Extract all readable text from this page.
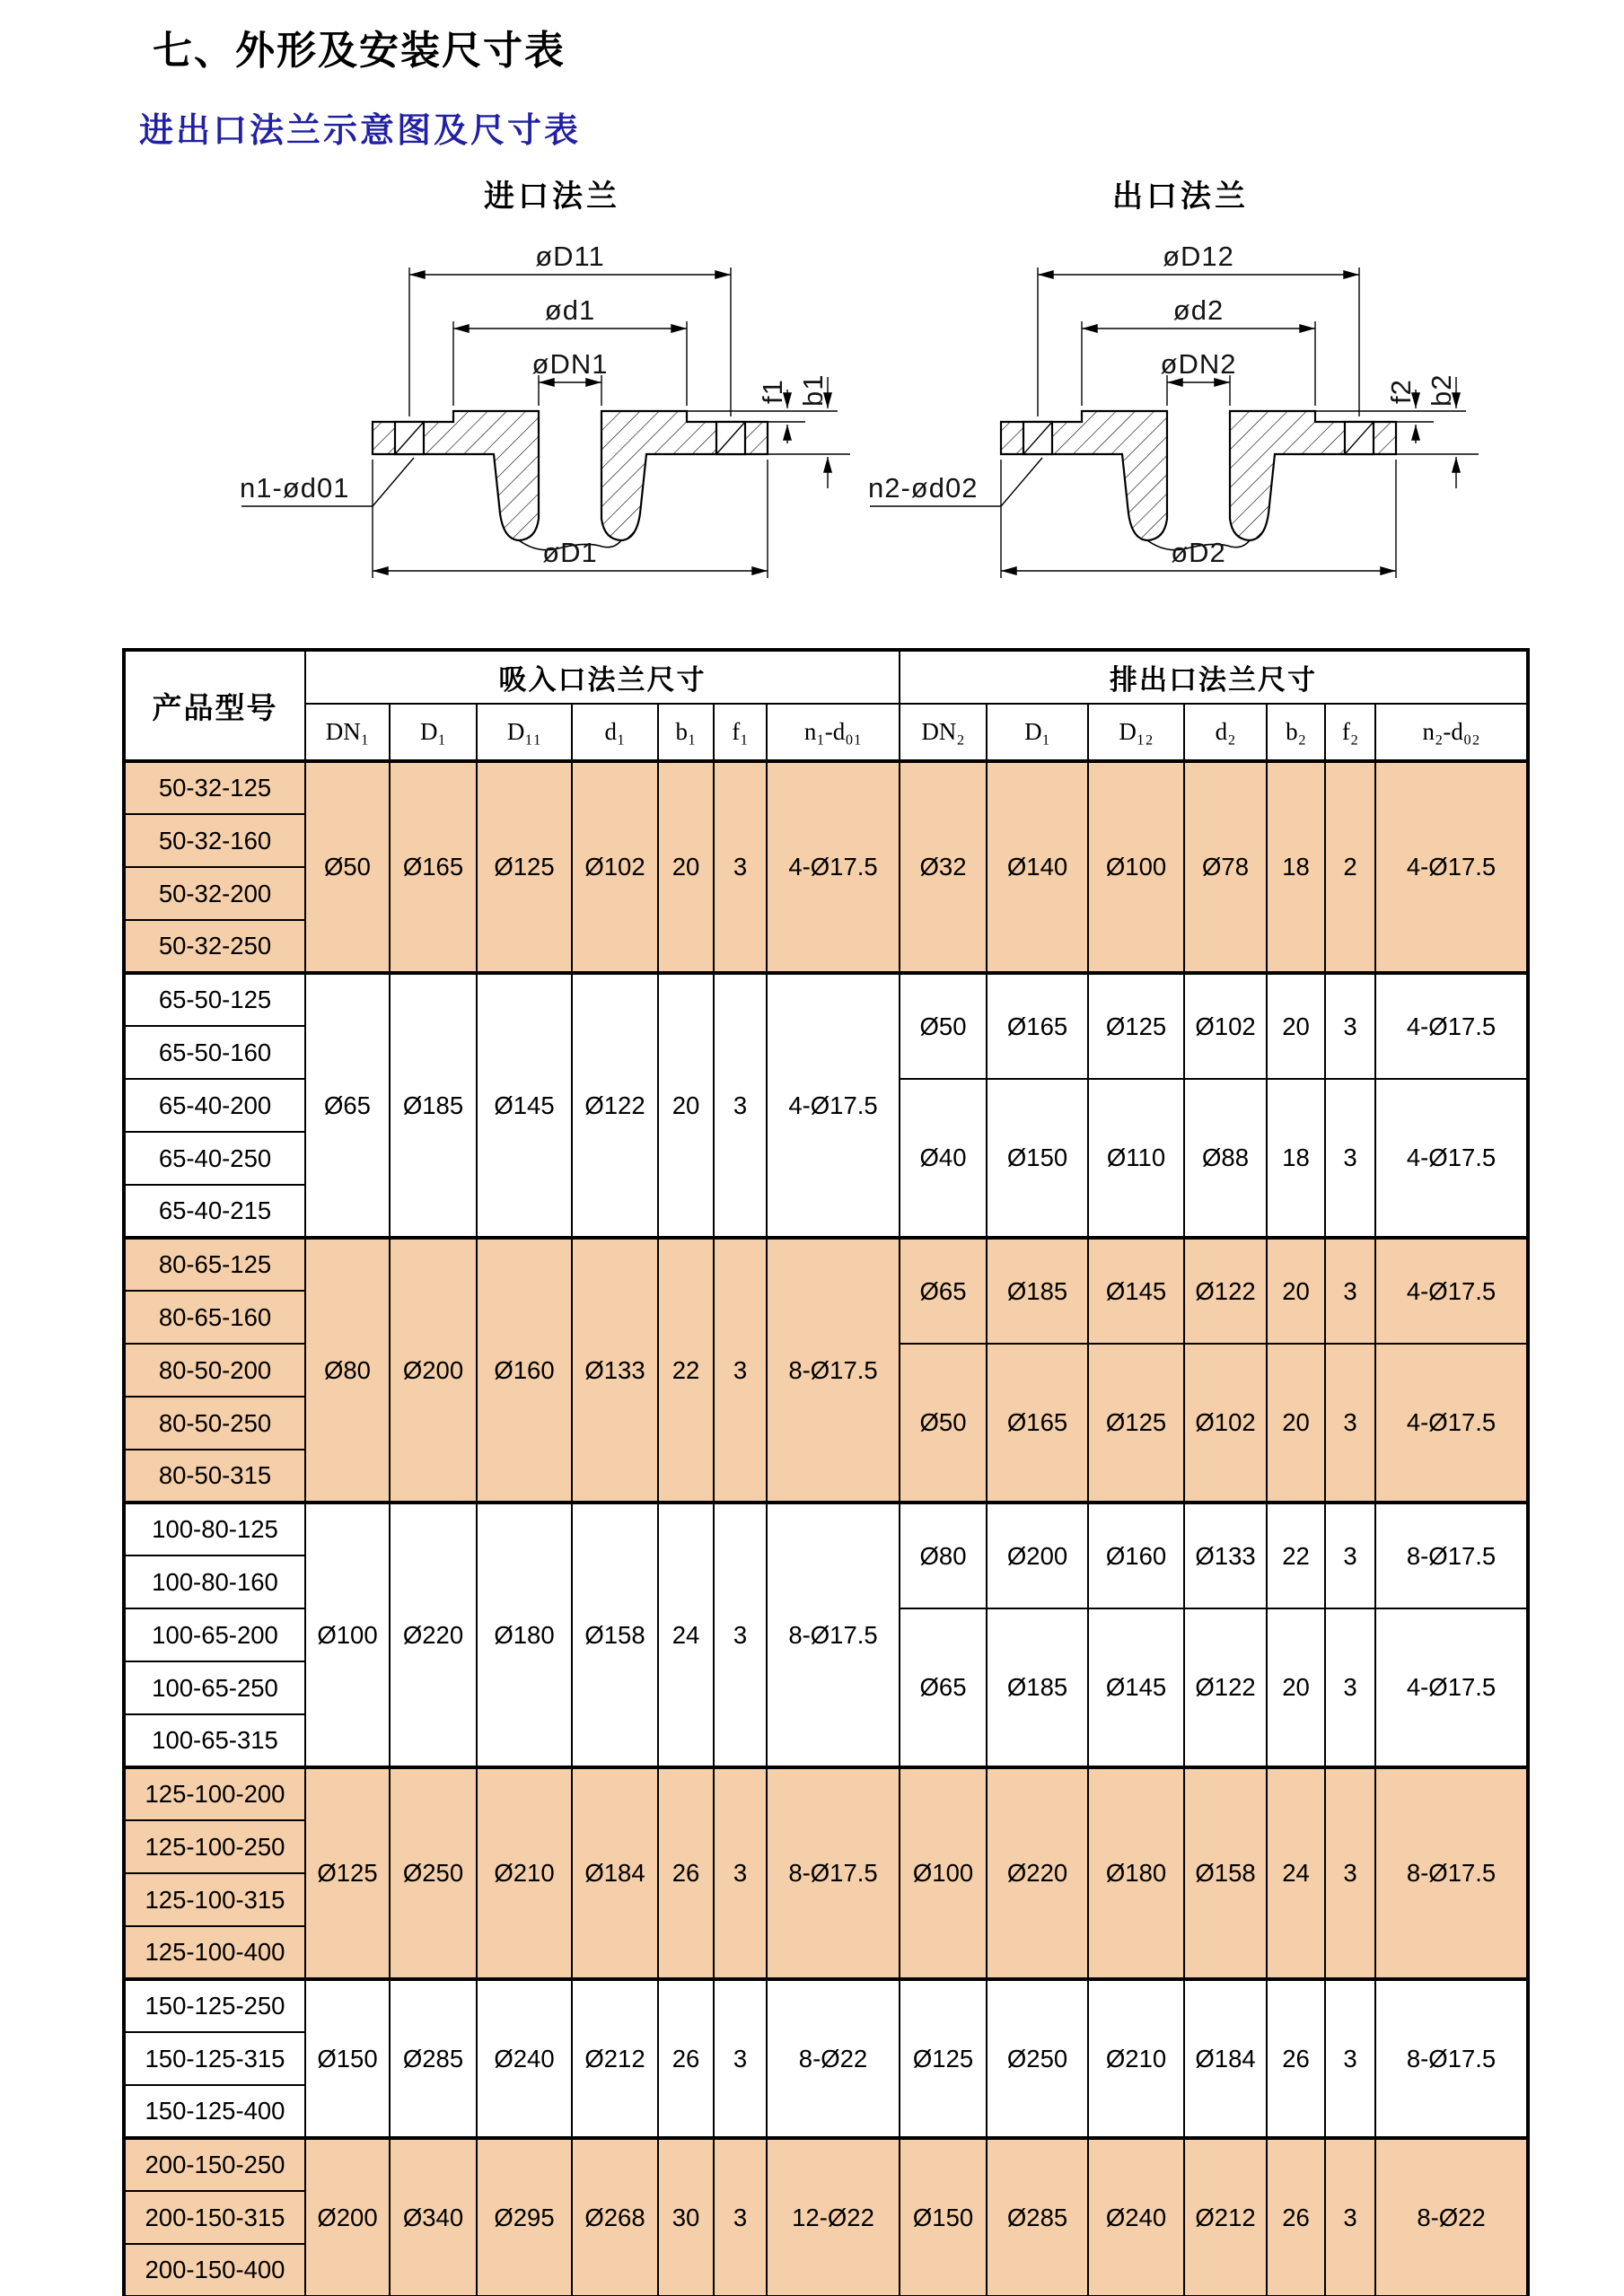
七、外形及安装尺寸表
进出口法兰示意图及尺寸表
进口法兰
øD11
ød1
øDN1
øD1
f1 b1
n1-ød01
出口法兰
øD12
ød2
øDN2
øD2
f2 b2
n2-ød02
产品型号	吸入口法兰尺寸							排出口法兰尺寸						
	DN₁	D₁	D₁₁	d₁	b₁	f₁	n₁-d₀₁	DN₂	D₁	D₁₂	d₂	b₂	f₂	n₂-d₀₂
50-32-125	Ø50	Ø165	Ø125	Ø102	20	3	4-Ø17.5	Ø32	Ø140	Ø100	Ø78	18	2	4-Ø17.5
50-32-160														
50-32-200														
50-32-250														
65-50-125	Ø65	Ø185	Ø145	Ø122	20	3	4-Ø17.5	Ø50	Ø165	Ø125	Ø102	20	3	4-Ø17.5
65-50-160														
65-40-200								Ø40	Ø150	Ø110	Ø88	18	3	4-Ø17.5
65-40-250														
65-40-215														
80-65-125	Ø80	Ø200	Ø160	Ø133	22	3	8-Ø17.5	Ø65	Ø185	Ø145	Ø122	20	3	4-Ø17.5
80-65-160														
80-50-200								Ø50	Ø165	Ø125	Ø102	20	3	4-Ø17.5
80-50-250														
80-50-315														
100-80-125	Ø100	Ø220	Ø180	Ø158	24	3	8-Ø17.5	Ø80	Ø200	Ø160	Ø133	22	3	8-Ø17.5
100-80-160														
100-65-200								Ø65	Ø185	Ø145	Ø122	20	3	4-Ø17.5
100-65-250														
100-65-315														
125-100-200	Ø125	Ø250	Ø210	Ø184	26	3	8-Ø17.5	Ø100	Ø220	Ø180	Ø158	24	3	8-Ø17.5
125-100-250														
125-100-315														
125-100-400														
150-125-250	Ø150	Ø285	Ø240	Ø212	26	3	8-Ø22	Ø125	Ø250	Ø210	Ø184	26	3	8-Ø17.5
150-125-315														
150-125-400														
200-150-250	Ø200	Ø340	Ø295	Ø268	30	3	12-Ø22	Ø150	Ø285	Ø240	Ø212	26	3	8-Ø22
200-150-315														
200-150-400														
